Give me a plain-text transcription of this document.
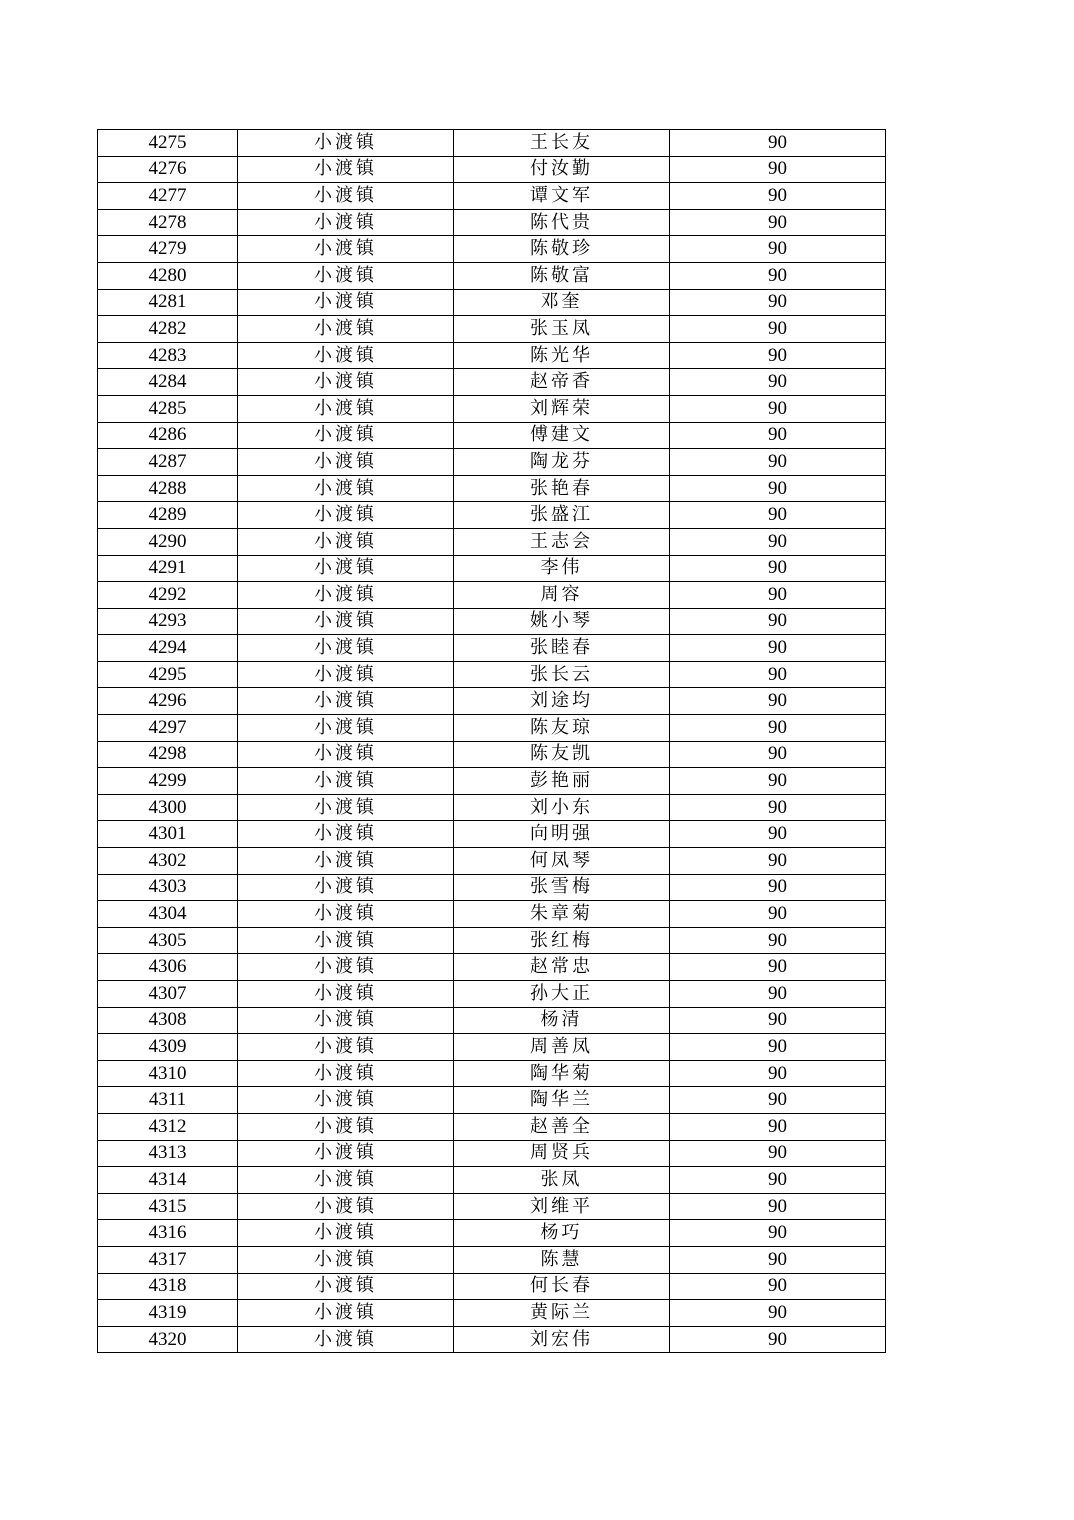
4275	小渡镇	王长友	90
4276	小渡镇	付汝勤	90
4277	小渡镇	谭文军	90
4278	小渡镇	陈代贵	90
4279	小渡镇	陈敬珍	90
4280	小渡镇	陈敬富	90
4281	小渡镇	邓奎	90
4282	小渡镇	张玉凤	90
4283	小渡镇	陈光华	90
4284	小渡镇	赵帝香	90
4285	小渡镇	刘辉荣	90
4286	小渡镇	傅建文	90
4287	小渡镇	陶龙芬	90
4288	小渡镇	张艳春	90
4289	小渡镇	张盛江	90
4290	小渡镇	王志会	90
4291	小渡镇	李伟	90
4292	小渡镇	周容	90
4293	小渡镇	姚小琴	90
4294	小渡镇	张睦春	90
4295	小渡镇	张长云	90
4296	小渡镇	刘途均	90
4297	小渡镇	陈友琼	90
4298	小渡镇	陈友凯	90
4299	小渡镇	彭艳丽	90
4300	小渡镇	刘小东	90
4301	小渡镇	向明强	90
4302	小渡镇	何凤琴	90
4303	小渡镇	张雪梅	90
4304	小渡镇	朱章菊	90
4305	小渡镇	张红梅	90
4306	小渡镇	赵常忠	90
4307	小渡镇	孙大正	90
4308	小渡镇	杨清	90
4309	小渡镇	周善凤	90
4310	小渡镇	陶华菊	90
4311	小渡镇	陶华兰	90
4312	小渡镇	赵善全	90
4313	小渡镇	周贤兵	90
4314	小渡镇	张凤	90
4315	小渡镇	刘维平	90
4316	小渡镇	杨巧	90
4317	小渡镇	陈慧	90
4318	小渡镇	何长春	90
4319	小渡镇	黄际兰	90
4320	小渡镇	刘宏伟	90
